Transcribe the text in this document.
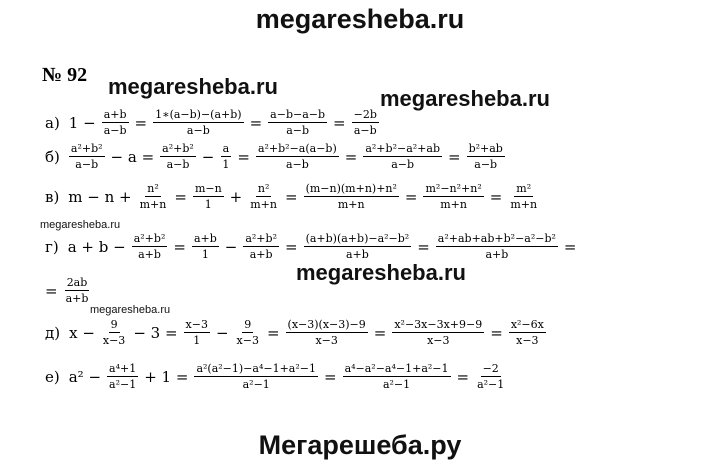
megaresheba.ru
megaresheba.ru	megaresheba.ru
megaresheba.ru
megaresheba.ru
megaresheba.ru
Мегарешеба.ру
№ 92
а) $1 - \frac{a+b}{a-b} = \frac{1∗(a-b)-(a+b)}{a-b} = \frac{a-b-a-b}{a-b} = \frac{-2b}{a-b}$
$б) \frac{\text{a²+b²}}{a-b} - a = \frac{\text{a²+b²}}{a-b} - \frac{a}{1} = \frac{\text{a²+b²−a(a−b)}}{a-b} = \frac{\text{a²+b²−a²+ab}}{a-b} = \frac{\text{b²+ab}}{a-b}$
в) $m - n + \frac{\text{n²}}{m+n} = \frac{m-n}{1} + \frac{\text{n²}}{m+n} = \frac{\text{(m−n)(m+n)+n²}}{m+n} = \frac{\text{m²−n²+n²}}{m+n} = \frac{\text{m²}}{m+n}$
г) $a + b - \frac{\text{a²+b²}}{a+b} = \frac{a+b}{1} - \frac{\text{a²+b²}}{a+b} = \frac{\text{(a+b)(a+b)−a²−b²}}{a+b} = \frac{\text{a²+ab+ab+b²−a²−b²}}{a+b}$ =
= $\frac{2ab}{a+b}$
д) $x - \frac{9}{x-3} - 3 = \frac{x-3}{1} - \frac{9}{x-3} = \frac{(x-3)(x-3)-9}{x-3} = \frac{\text{x²−3x−3x+9−9}}{x-3} = \frac{\text{x²−6x}}{x-3}$
е) $a^2 - \frac{\text{a⁴+1}}{\text{a²−1}} + 1 = \frac{\text{a²(a²−1)−a⁴−1+a²−1}}{\text{a²−1}} = \frac{\text{a⁴−a²−a⁴−1+a²−1}}{\text{a²−1}} = \frac{-2}{\text{a²−1}}$
